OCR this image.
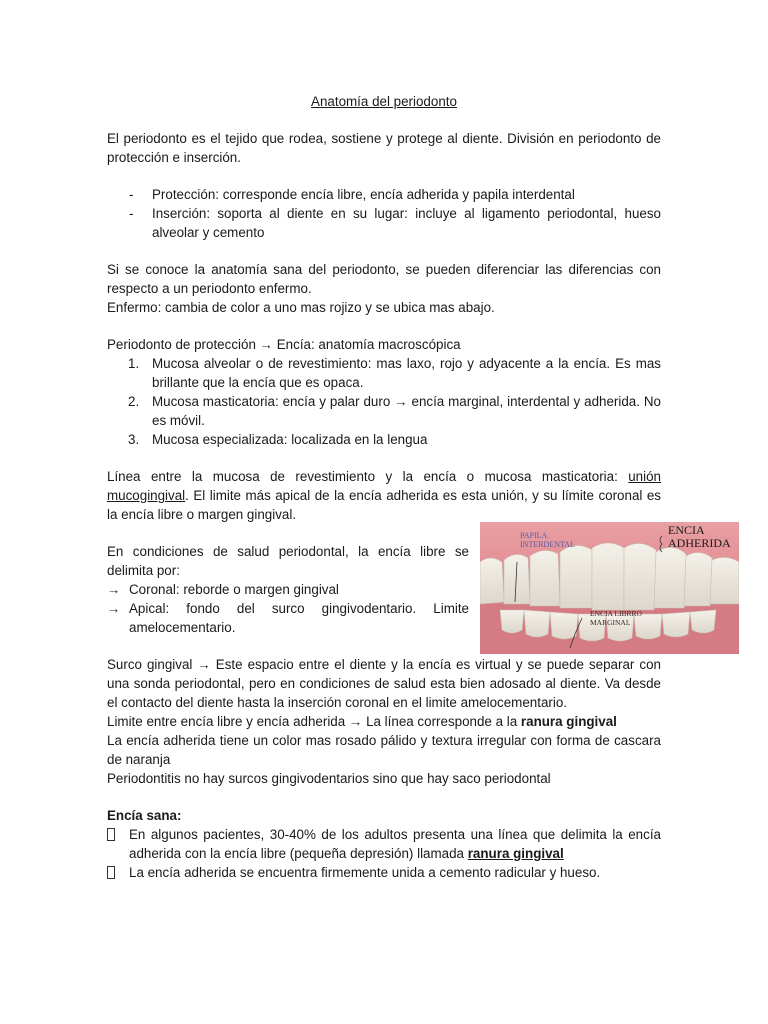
Anatomía del periodonto

El periodonto es el tejido que rodea, sostiene y protege al diente. División en periodonto de protección e inserción.

- Protección: corresponde encía libre, encía adherida y papila interdental
- Inserción: soporta al diente en su lugar: incluye al ligamento periodontal, hueso alveolar y cemento

Si se conoce la anatomía sana del periodonto, se pueden diferenciar las diferencias con respecto a un periodonto enfermo.

Enfermo: cambia de color a uno mas rojizo y se ubica mas abajo.

Periodonto de protección → Encía: anatomía macroscópica

1. Mucosa alveolar o de revestimiento: mas laxo, rojo y adyacente a la encía. Es mas brillante que la encía que es opaca.
2. Mucosa masticatoria: encía y palar duro → encía marginal, interdental y adherida. No es móvil.
3. Mucosa especializada: localizada en la lengua

Línea entre la mucosa de revestimiento y la encía o mucosa masticatoria: unión mucogingival. El limite más apical de la encía adherida es esta unión, y su límite coronal es la encía libre o margen gingival.

En condiciones de salud periodontal, la encía libre se delimita por:

→ Coronal: reborde o margen gingival
→ Apical: fondo del surco gingivodentario. Limite amelocementario.

Surco gingival → Este espacio entre el diente y la encía es virtual y se puede separar con una sonda periodontal, pero en condiciones de salud esta bien adosado al diente. Va desde el contacto del diente hasta la inserción coronal en el limite amelocementario.

Limite entre encía libre y encía adherida → La línea corresponde a la ranura gingival

La encía adherida tiene un color mas rosado pálido y textura irregular con forma de cascara de naranja

Periodontitis no hay surcos gingivodentarios sino que hay saco periodontal

Encía sana:

En algunos pacientes, 30-40% de los adultos presenta una línea que delimita la encía adherida con la encía libre (pequeña depresión) llamada ranura gingival
La encía adherida se encuentra firmemente unida a cemento radicular y hueso.
PAPILA INTERDENTAL
ENCIA ADHERIDA
ENCIA LIBRRO MARGINAL
